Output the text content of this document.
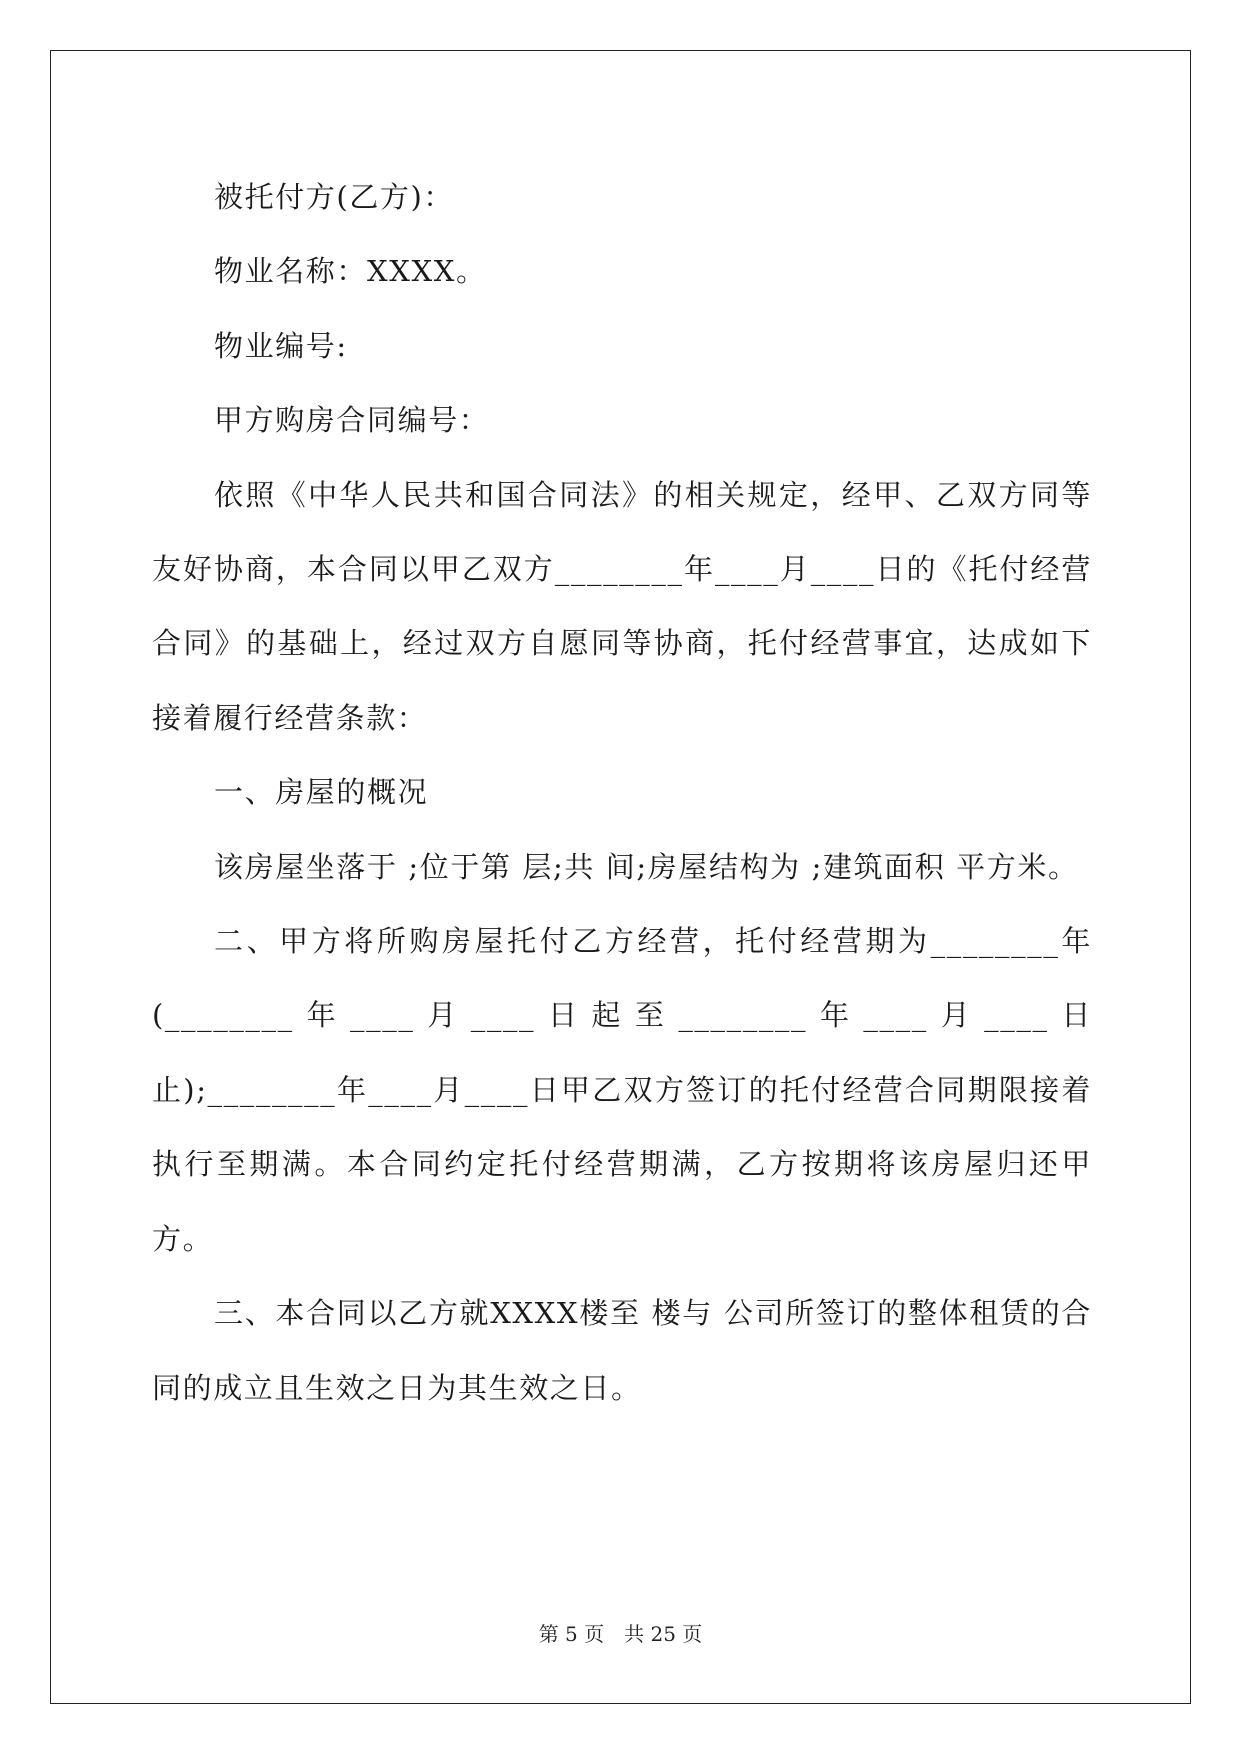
被托付方(乙方)：

物业名称：XXXX。

物业编号:

甲方购房合同编号：

依照《中华人民共和国合同法》的相关规定，经甲、乙双方同等友好协商，本合同以甲乙双方________年____月____日的《托付经营合同》的基础上，经过双方自愿同等协商，托付经营事宜，达成如下接着履行经营条款：

一、房屋的概况

该房屋坐落于 ;位于第 层;共 间;房屋结构为 ;建筑面积 平方米。

二、甲方将所购房屋托付乙方经营，托付经营期为________年(________年____月____日起至________年____月____日止);________年____月____日甲乙双方签订的托付经营合同期限接着执行至期满。本合同约定托付经营期满，乙方按期将该房屋归还甲方。

三、本合同以乙方就XXXX楼至 楼与 公司所签订的整体租赁的合同的成立且生效之日为其生效之日。

第 5 页　共 25 页
